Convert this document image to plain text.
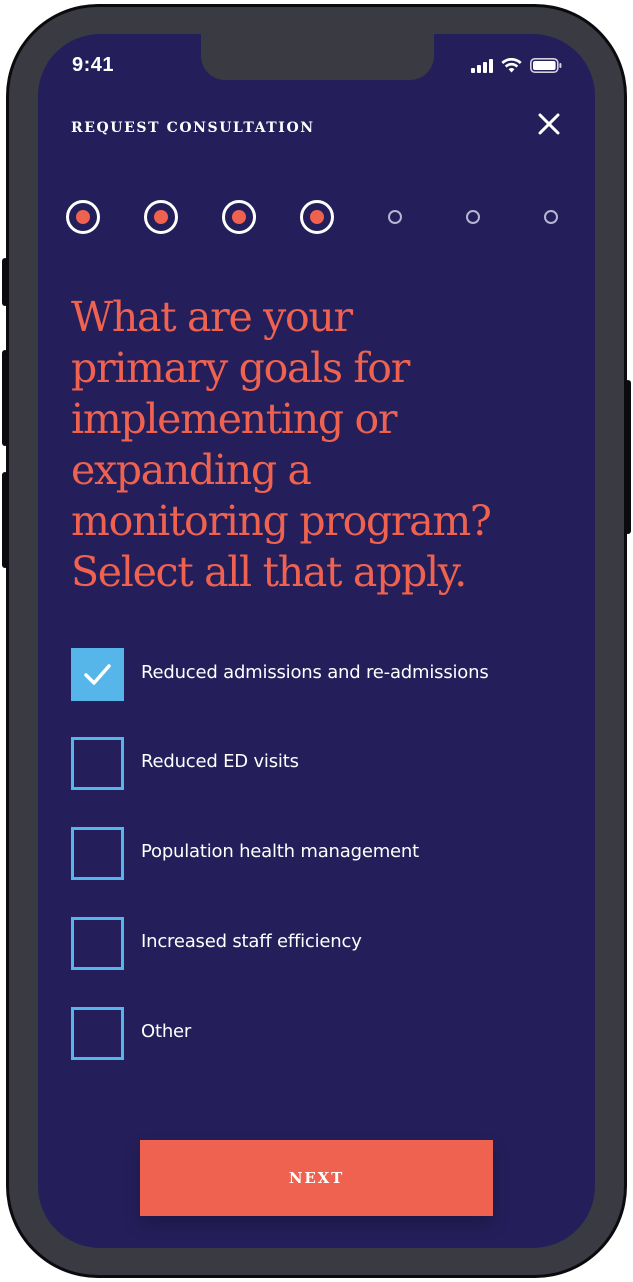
9:41
REQUEST CONSULTATION
What are your
primary goals for
implementing or
expanding a
monitoring program?
Select all that apply.
Reduced admissions and re-admissions
Reduced ED visits
Population health management
Increased staff efficiency
Other
NEXT
